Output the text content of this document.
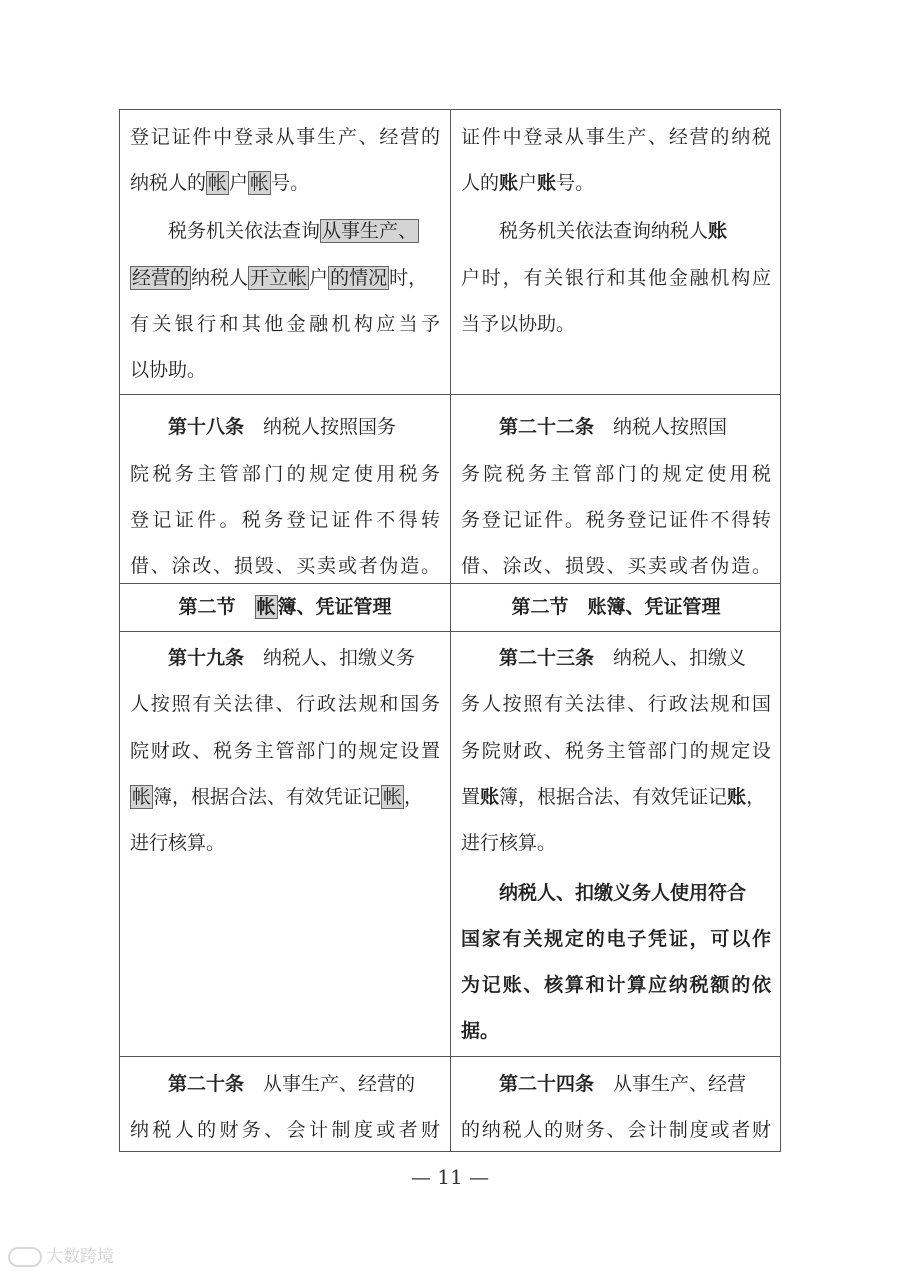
登记证件中登录从事生产、经营的
纳税人的 帐 户 帐 号。
税务机关依法查询 从事生产、
经营的 纳税人 开立帐 户 的情况 时，
有关银行和其他金融机构应当予
以协助。
证件中登录从事生产、经营的纳税
人的账户账号。
税务机关依法查询纳税人账
户时，有关银行和其他金融机构应
当予以协助。
第十八条　 纳税人按照国务
院税务主管部门的规定使用税务
登记证件。税务登记证件不得转
借、涂改、损毁、买卖或者伪造。
第二十二条　 纳税人按照国
务院税务主管部门的规定使用税
务登记证件。税务登记证件不得转
借、涂改、损毁、买卖或者伪造。
第二节　 帐 簿、凭证管理	第二节　 账簿、凭证管理
第十九条　 纳税人、扣缴义务
人按照有关法律、行政法规和国务
院财政、税务主管部门的规定设置
帐 簿，根据合法、有效凭证记 帐 ，
进行核算。
第二十三条　 纳税人、扣缴义
务人按照有关法律、行政法规和国
务院财政、税务主管部门的规定设
置账簿，根据合法、有效凭证记账，
进行核算。
纳税人、扣缴义务人使用符合
国家有关规定的电子凭证，可以作
为记账、核算和计算应纳税额的依
据。
第二十条　 从事生产、经营的
纳税人的财务、会计制度或者财
第二十四条　 从事生产、经营
的纳税人的财务、会计制度或者财
— 11 —
大数跨境
